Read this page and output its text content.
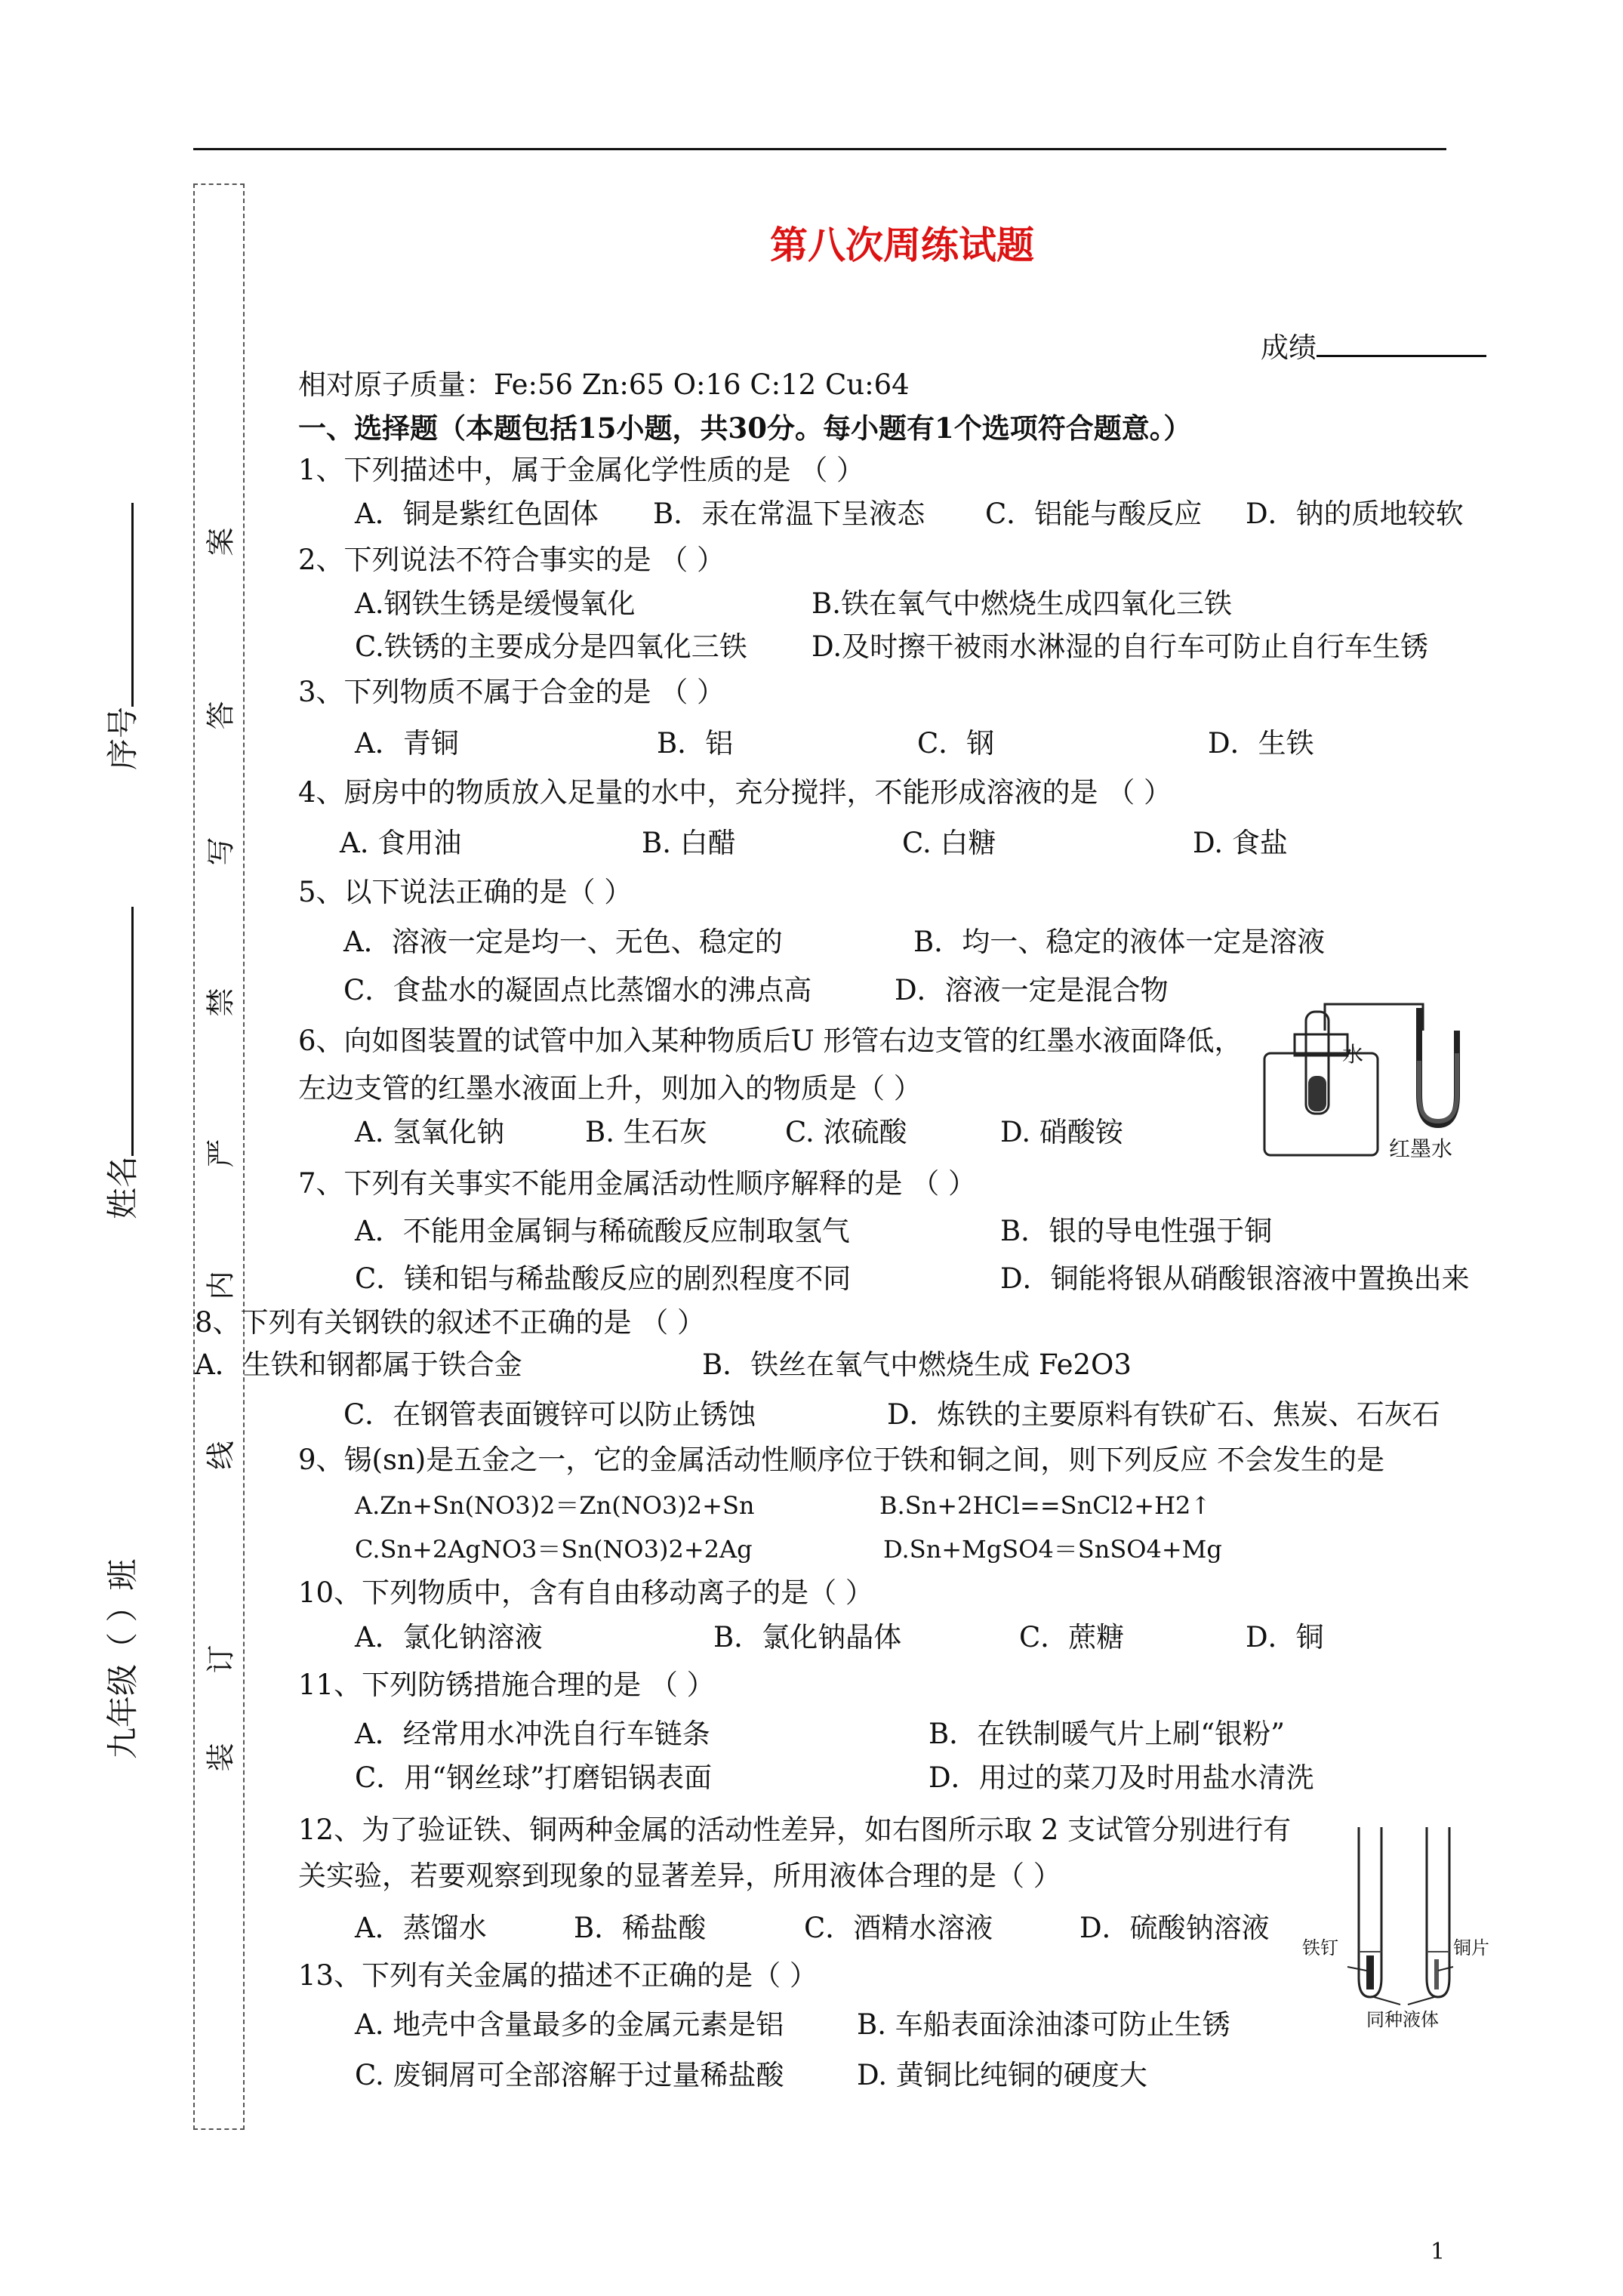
案
答
写
禁
严
内
线
订
装
序号
姓名
九年级（ ）班
第八次周练试题
成绩
相对原子质量：Fe:56 Zn:65 O:16 C:12 Cu:64
一、选择题（本题包括15小题，共30分。每小题有1个选项符合题意。）
1、下列描述中，属于金属化学性质的是 （ ）
A．铜是紫红色固体 B．汞在常温下呈液态 C．铝能与酸反应 D．钠的质地较软
2、下列说法不符合事实的是 （ ）
A.钢铁生锈是缓慢氧化	B.铁在氧气中燃烧生成四氧化三铁
C.铁锈的主要成分是四氧化三铁 D.及时擦干被雨水淋湿的自行车可防止自行车生锈
3、下列物质不属于合金的是 （ ）
A．青铜	B．铝	C．钢	D．生铁
4、厨房中的物质放入足量的水中，充分搅拌，不能形成溶液的是 （ ）
A. 食用油	B. 白醋	C. 白糖	D. 食盐
5、以下说法正确的是（ ）
A．溶液一定是均一、无色、稳定的	B．均一、稳定的液体一定是溶液
C．食盐水的凝固点比蒸馏水的沸点高	D．溶液一定是混合物
6、向如图装置的试管中加入某种物质后U 形管右边支管的红墨水液面降低，
左边支管的红墨水液面上升，则加入的物质是（ ）
A. 氢氧化钠	B. 生石灰	C. 浓硫酸	D. 硝酸铵
水
红墨水
7、下列有关事实不能用金属活动性顺序解释的是 （ ）
A．不能用金属铜与稀硫酸反应制取氢气	B．银的导电性强于铜
C．镁和铝与稀盐酸反应的剧烈程度不同	D．铜能将银从硝酸银溶液中置换出来
8、下列有关钢铁的叙述不正确的是 （ ）
A．生铁和钢都属于铁合金	B．铁丝在氧气中燃烧生成 Fe2O3
C．在钢管表面镀锌可以防止锈蚀	D．炼铁的主要原料有铁矿石、焦炭、石灰石
9、锡(sn)是五金之一，它的金属活动性顺序位于铁和铜之间，则下列反应 不会发生的是
A.Zn+Sn(NO3)2＝Zn(NO3)2+Sn	B.Sn+2HCl==SnCl2+H2↑
C.Sn+2AgNO3＝Sn(NO3)2+2Ag	D.Sn+MgSO4＝SnSO4+Mg
10、下列物质中，含有自由移动离子的是（ ）
A．氯化钠溶液	B．氯化钠晶体	C．蔗糖	D．铜
11、下列防锈措施合理的是 （ ）
A．经常用水冲洗自行车链条	B．在铁制暖气片上刷“银粉”
C．用“钢丝球”打磨铝锅表面	D．用过的菜刀及时用盐水清洗
12、为了验证铁、铜两种金属的活动性差异，如右图所示取 2 支试管分别进行有
关实验，若要观察到现象的显著差异，所用液体合理的是（ ）
A．蒸馏水	B．稀盐酸	C．酒精水溶液	D．硫酸钠溶液
铁钉	铜片
同种液体
13、下列有关金属的描述不正确的是（ ）
A. 地壳中含量最多的金属元素是铝	B. 车船表面涂油漆可防止生锈
C. 废铜屑可全部溶解于过量稀盐酸	D. 黄铜比纯铜的硬度大
1
